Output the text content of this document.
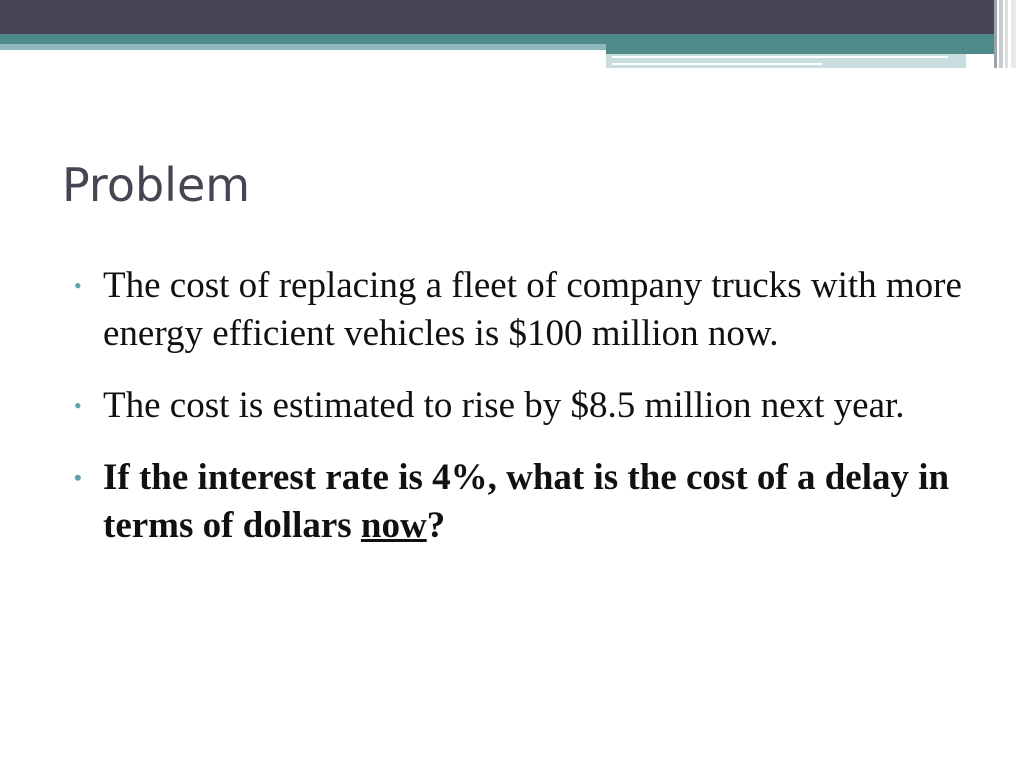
Problem
• The cost of replacing a fleet of company trucks with more energy efficient vehicles is $100 million now.
• The cost is estimated to rise by $8.5 million next year.
• If the interest rate is 4%, what is the cost of a delay in terms of dollars now?
